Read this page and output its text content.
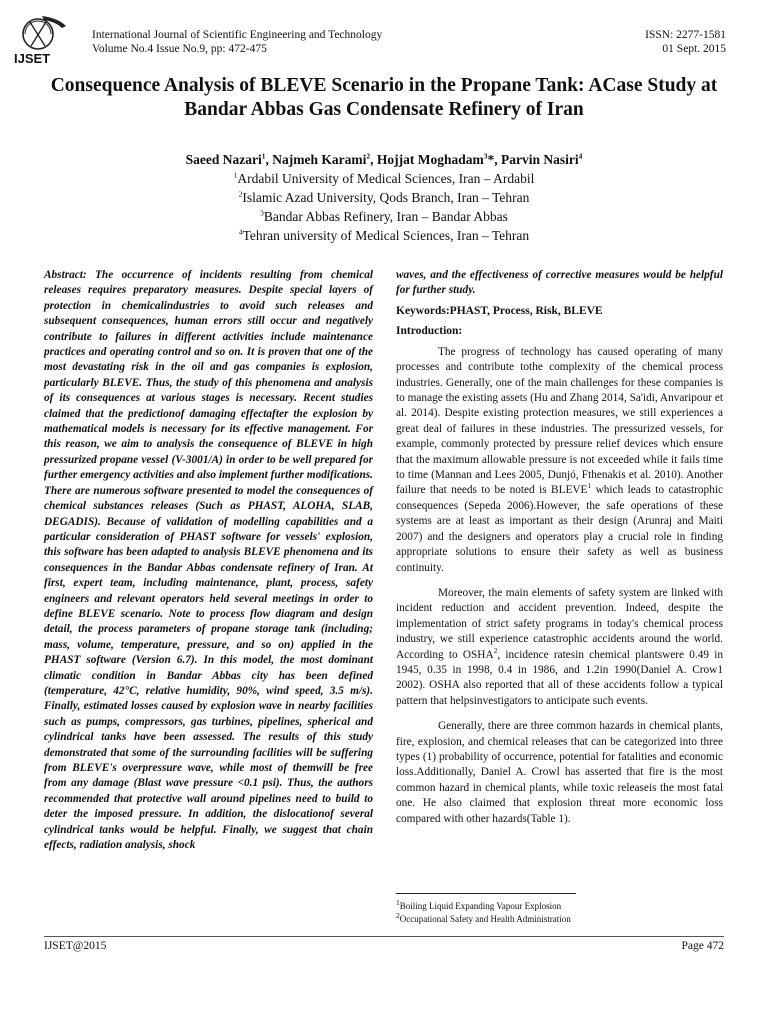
IJSET
International Journal of Scientific Engineering and Technology
Volume No.4 Issue No.9, pp: 472-475
ISSN: 2277-1581
01 Sept. 2015
Consequence Analysis of BLEVE Scenario in the Propane Tank: ACase Study at Bandar Abbas Gas Condensate Refinery of Iran
Saeed Nazari$^1$, Najmeh Karami$^2$, Hojjat Moghadam$^3$*, Parvin Nasiri$^4$
$^1$Ardabil University of Medical Sciences, Iran – Ardabil
$^2$Islamic Azad University, Qods Branch, Iran – Tehran
$^3$Bandar Abbas Refinery, Iran – Bandar Abbas
$^4$Tehran university of Medical Sciences, Iran – Tehran

Abstract: The occurrence of incidents resulting from chemical releases requires preparatory measures. Despite special layers of protection in chemicalindustries to avoid such releases and subsequent consequences, human errors still occur and negatively contribute to failures in different activities include maintenance practices and operating control and so on. It is proven that one of the most devastating risk in the oil and gas companies is explosion, particularly BLEVE. Thus, the study of this phenomena and analysis of its consequences at various stages is necessary. Recent studies claimed that the predictionof damaging effectafter the explosion by mathematical models is necessary for its effective management. For this reason, we aim to analysis the consequence of BLEVE in high pressurized propane vessel (V-3001/A) in order to be well prepared for further emergency activities and also implement further modifications. There are numerous software presented to model the consequences of chemical substances releases (Such as PHAST, ALOHA, SLAB, DEGADIS). Because of validation of modelling capabilities and a particular consideration of PHAST software for vessels' explosion, this software has been adapted to analysis BLEVE phenomena and its consequences in the Bandar Abbas condensate refinery of Iran. At first, expert team, including maintenance, plant, process, safety engineers and relevant operators held several meetings in order to define BLEVE scenario. Note to process flow diagram and design detail, the process parameters of propane storage tank (including; mass, volume, temperature, pressure, and so on) applied in the PHAST software (Version 6.7). In this model, the most dominant climatic condition in Bandar Abbas city has been defined (temperature, 42°C, relative humidity, 90%, wind speed, 3.5 m/s). Finally, estimated losses caused by explosion wave in nearby facilities such as pumps, compressors, gas turbines, pipelines, spherical and cylindrical tanks have been assessed. The results of this study demonstrated that some of the surrounding facilities will be suffering from BLEVE's overpressure wave, while most of themwill be free from any damage (Blast wave pressure <0.1 psi). Thus, the authors recommended that protective wall around pipelines need to build to deter the imposed pressure. In addition, the dislocationof several cylindrical tanks would be helpful. Finally, we suggest that chain effects, radiation analysis, shock

waves, and the effectiveness of corrective measures would be helpful for further study.

Keywords:PHAST, Process, Risk, BLEVE
Introduction:

The progress of technology has caused operating of many processes and contribute tothe complexity of the chemical process industries. Generally, one of the main challenges for these companies is to manage the existing assets (Hu and Zhang 2014, Sa'idi, Anvaripour et al. 2014). Despite existing protection measures, we still experiences a great deal of failures in these industries. The pressurized vessels, for example, commonly protected by pressure relief devices which ensure that the maximum allowable pressure is not exceeded while it fails time to time (Mannan and Lees 2005, Dunjó, Fthenakis et al. 2010). Another failure that needs to be noted is BLEVE$^1$ which leads to catastrophic consequences (Sepeda 2006).However, the safe operations of these systems are at least as important as their design (Arunraj and Maiti 2007) and the designers and operators play a crucial role in finding appropriate solutions to ensure their safety as well as business continuity.

Moreover, the main elements of safety system are linked with incident reduction and accident prevention. Indeed, despite the implementation of strict safety programs in today's chemical process industry, we still experience catastrophic accidents around the world. According to OSHA$^2$, incidence ratesin chemical plantswere 0.49 in 1945, 0.35 in 1998, 0.4 in 1986, and 1.2in 1990(Daniel A. Crow1 2002). OSHA also reported that all of these accidents follow a typical pattern that helpsinvestigators to anticipate such events.

Generally, there are three common hazards in chemical plants, fire, explosion, and chemical releases that can be categorized into three types (1) probability of occurrence, potential for fatalities and economic loss.Additionally, Daniel A. Crowl has asserted that fire is the most common hazard in chemical plants, while toxic releaseis the most fatal one. He also claimed that explosion threat more economic loss compared with other hazards(Table 1).

$^1$Boiling Liquid Expanding Vapour Explosion
$^2$Occupational Safety and Health Administration
IJSET@2015	Page 472
